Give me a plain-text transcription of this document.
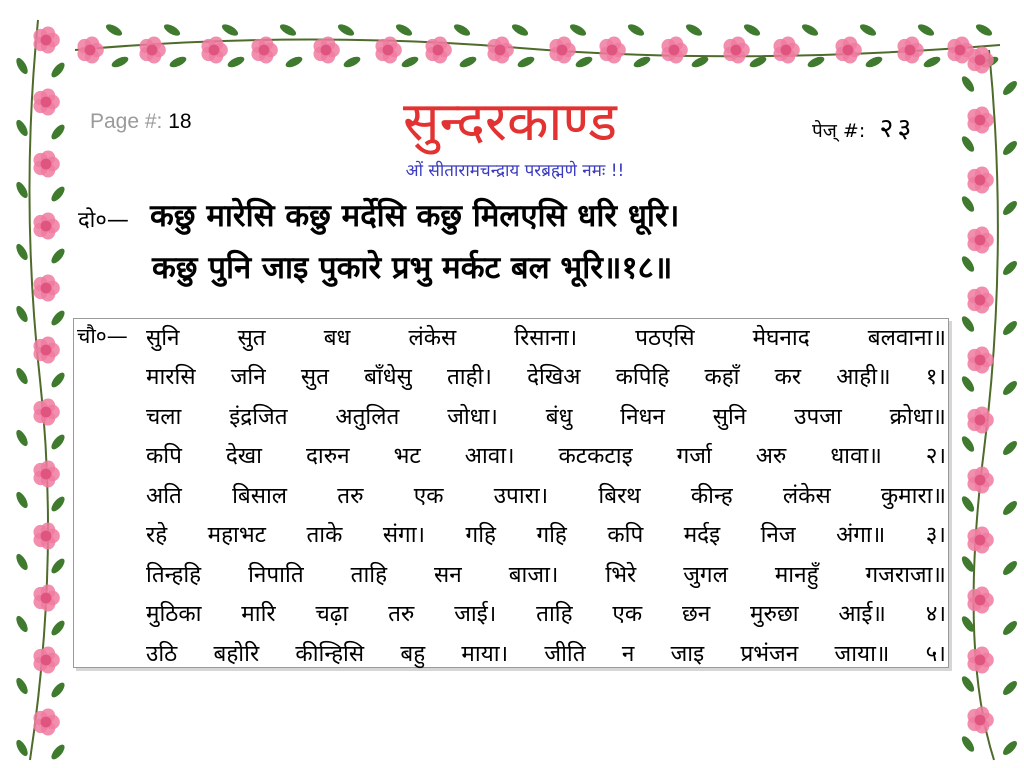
Page #: 18	सुन्दरकाण्ड	पेज् #: २३
ओं सीतारामचन्द्राय परब्रह्मणे नमः !!
दो०— कछु मारेसि कछु मर्देसि कछु मिलएसि धरि धूरि।
कछु पुनि जाइ पुकारे प्रभु मर्कट बल भूरि॥१८॥
चौ०— सुनि	सुत	बध	लंकेस	रिसाना।	पठएसि	मेघनाद	बलवाना॥
मारसि जनि सुत बाँधेसु ताही। देखिअ कपिहि कहाँ कर आही॥ १।
चला इंद्रजित अतुलित जोधा। बंधु निधन सुनि उपजा क्रोधा॥
कपि देखा दारुन भट आवा। कटकटाइ गर्जा अरु धावा॥ २।
अति बिसाल तरु एक उपारा। बिरथ कीन्ह लंकेस कुमारा॥
रहे महाभट ताके संगा। गहि गहि कपि मर्दइ निज अंगा॥ ३।
तिन्हहि निपाति ताहि सन बाजा। भिरे जुगल मानहुँ गजराजा॥
मुठिका मारि चढ़ा तरु जाई। ताहि एक छन मुरुछा आई॥ ४।
उठि बहोरि कीन्हिसि बहु माया। जीति न जाइ प्रभंजन जाया॥ ५।
